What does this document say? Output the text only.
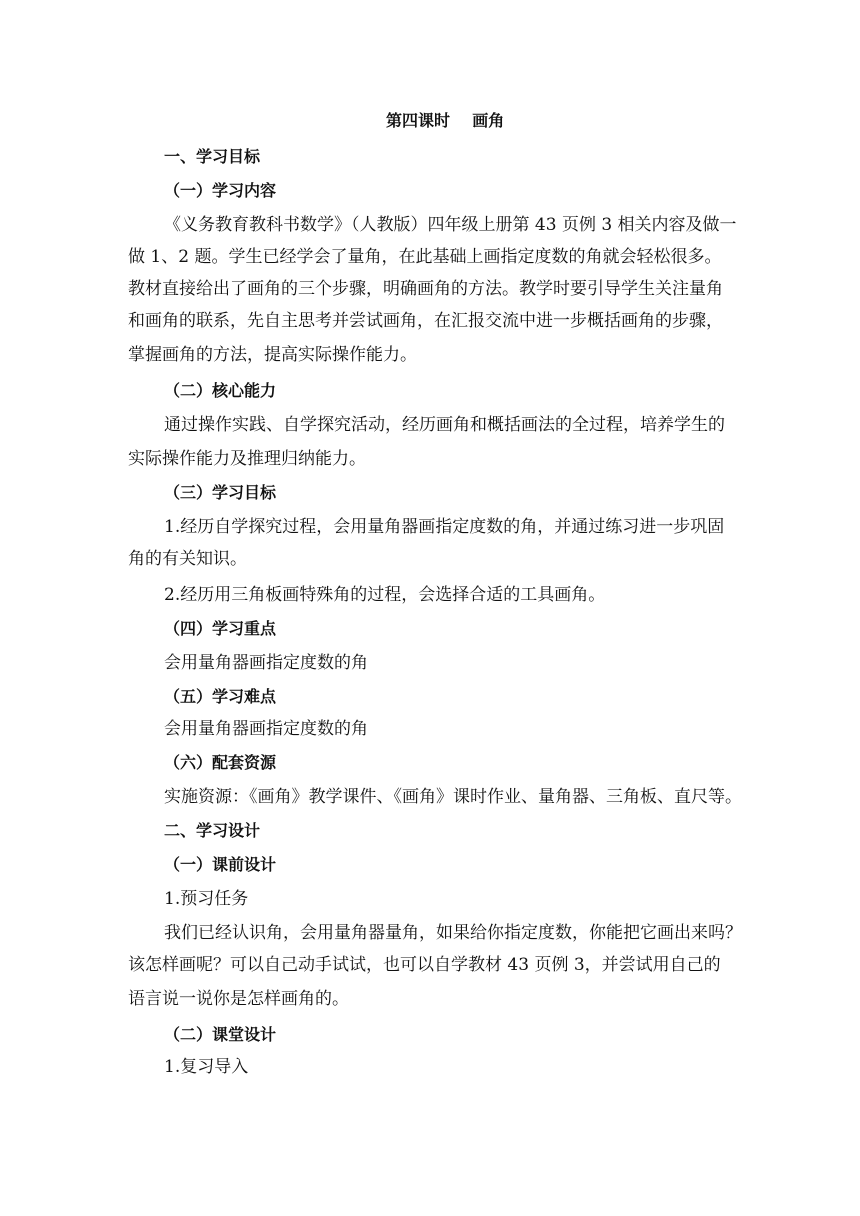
第四课时    画角
一、学习目标
（一）学习内容
《义务教育教科书数学》（人教版）四年级上册第 43 页例 3 相关内容及做一
做 1、2 题。学生已经学会了量角，在此基础上画指定度数的角就会轻松很多。
教材直接给出了画角的三个步骤，明确画角的方法。教学时要引导学生关注量角
和画角的联系，先自主思考并尝试画角，在汇报交流中进一步概括画角的步骤，
掌握画角的方法，提高实际操作能力。
（二）核心能力
通过操作实践、自学探究活动，经历画角和概括画法的全过程，培养学生的
实际操作能力及推理归纳能力。
（三）学习目标
1.经历自学探究过程，会用量角器画指定度数的角，并通过练习进一步巩固
角的有关知识。
2.经历用三角板画特殊角的过程，会选择合适的工具画角。
（四）学习重点
会用量角器画指定度数的角
（五）学习难点
会用量角器画指定度数的角
（六）配套资源
实施资源：《画角》教学课件、《画角》课时作业、量角器、三角板、直尺等。
二、学习设计
（一）课前设计
1.预习任务
我们已经认识角，会用量角器量角，如果给你指定度数，你能把它画出来吗？
该怎样画呢？可以自己动手试试，也可以自学教材 43 页例 3，并尝试用自己的
语言说一说你是怎样画角的。
（二）课堂设计
1.复习导入
